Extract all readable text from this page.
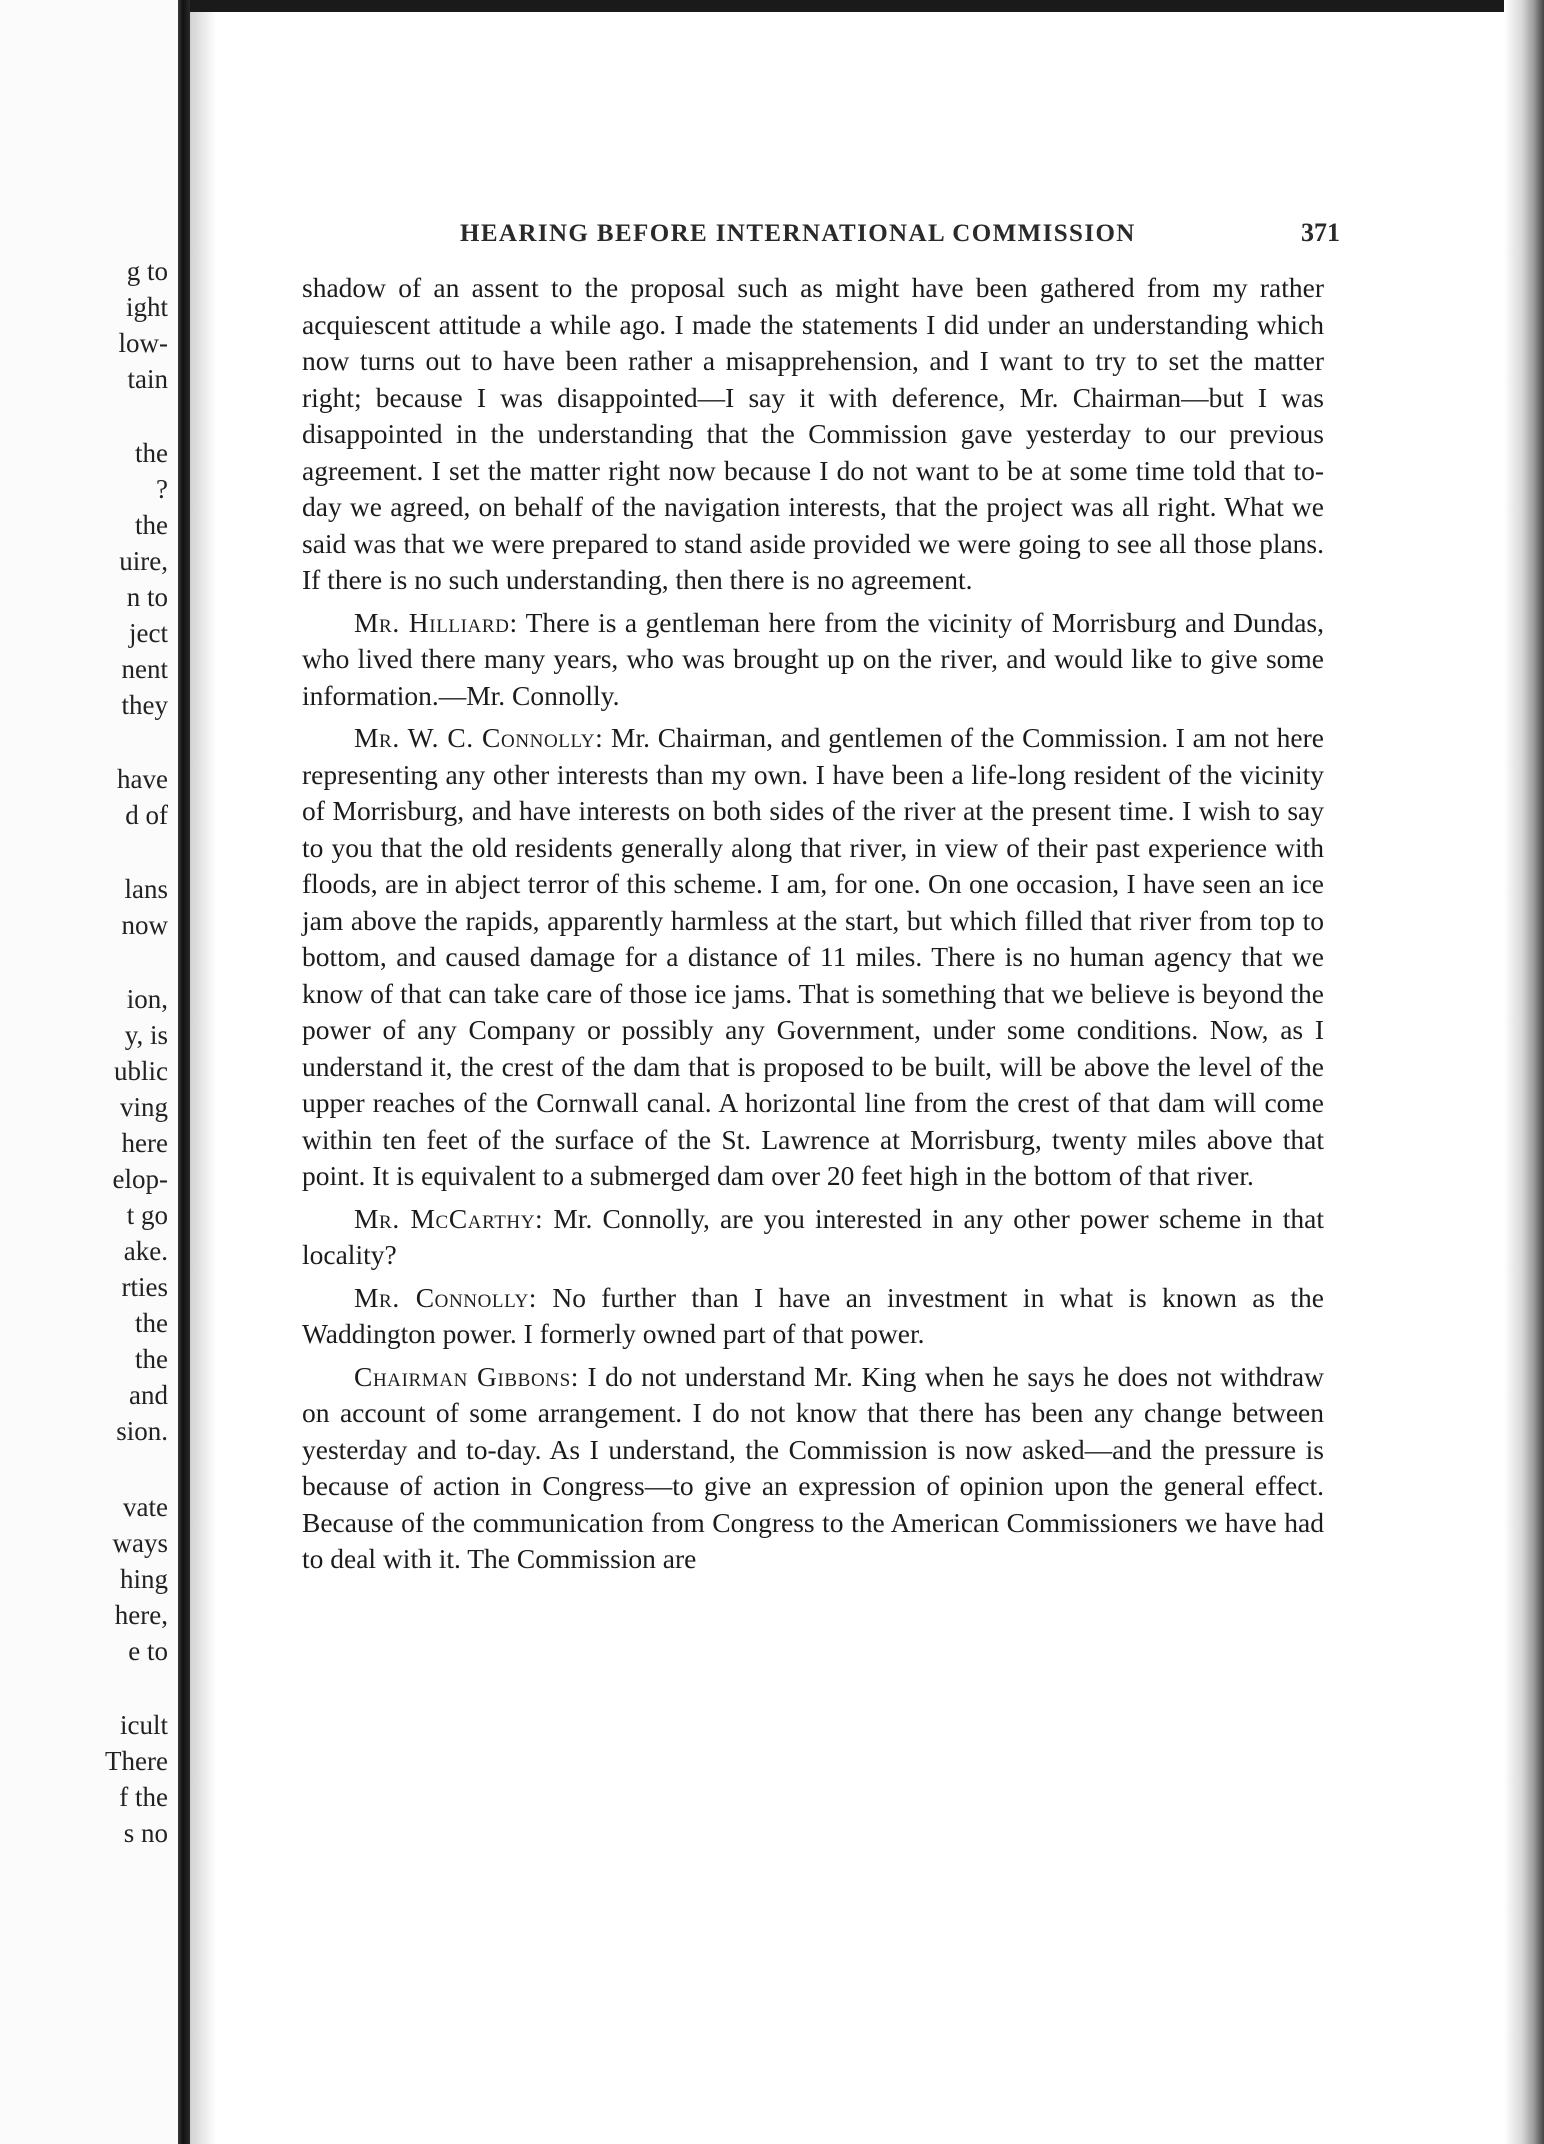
g to
ight
low-
tain
the
?
the
uire,
n to
ject
nent
they
have
d of
lans
now
ion,
y, is
ublic
ving
here
elop-
t go
ake.
rties
the
the
and
sion.
vate
ways
hing
here,
e to
icult
There
f the
s no
HEARING BEFORE INTERNATIONAL COMMISSION	371

shadow of an assent to the proposal such as might have been gathered from my rather acquiescent attitude a while ago. I made the statements I did under an understanding which now turns out to have been rather a misapprehension, and I want to try to set the matter right; because I was disappointed—I say it with deference, Mr. Chairman—but I was disappointed in the understanding that the Commission gave yesterday to our previous agreement. I set the matter right now because I do not want to be at some time told that to-day we agreed, on behalf of the navigation interests, that the project was all right. What we said was that we were prepared to stand aside provided we were going to see all those plans. If there is no such understanding, then there is no agreement.

Mr. Hilliard: There is a gentleman here from the vicinity of Morrisburg and Dundas, who lived there many years, who was brought up on the river, and would like to give some information.—Mr. Connolly.

Mr. W. C. Connolly: Mr. Chairman, and gentlemen of the Commission. I am not here representing any other interests than my own. I have been a life-long resident of the vicinity of Morrisburg, and have interests on both sides of the river at the present time. I wish to say to you that the old residents generally along that river, in view of their past experience with floods, are in abject terror of this scheme. I am, for one. On one occasion, I have seen an ice jam above the rapids, apparently harmless at the start, but which filled that river from top to bottom, and caused damage for a distance of 11 miles. There is no human agency that we know of that can take care of those ice jams. That is something that we believe is beyond the power of any Company or possibly any Government, under some conditions. Now, as I understand it, the crest of the dam that is proposed to be built, will be above the level of the upper reaches of the Cornwall canal. A horizontal line from the crest of that dam will come within ten feet of the surface of the St. Lawrence at Morrisburg, twenty miles above that point. It is equivalent to a submerged dam over 20 feet high in the bottom of that river.

Mr. McCarthy: Mr. Connolly, are you interested in any other power scheme in that locality?

Mr. Connolly: No further than I have an investment in what is known as the Waddington power. I formerly owned part of that power.

Chairman Gibbons: I do not understand Mr. King when he says he does not withdraw on account of some arrangement. I do not know that there has been any change between yesterday and to-day. As I understand, the Commission is now asked—and the pressure is because of action in Congress—to give an expression of opinion upon the general effect. Because of the communication from Congress to the American Commissioners we have had to deal with it. The Commission are
